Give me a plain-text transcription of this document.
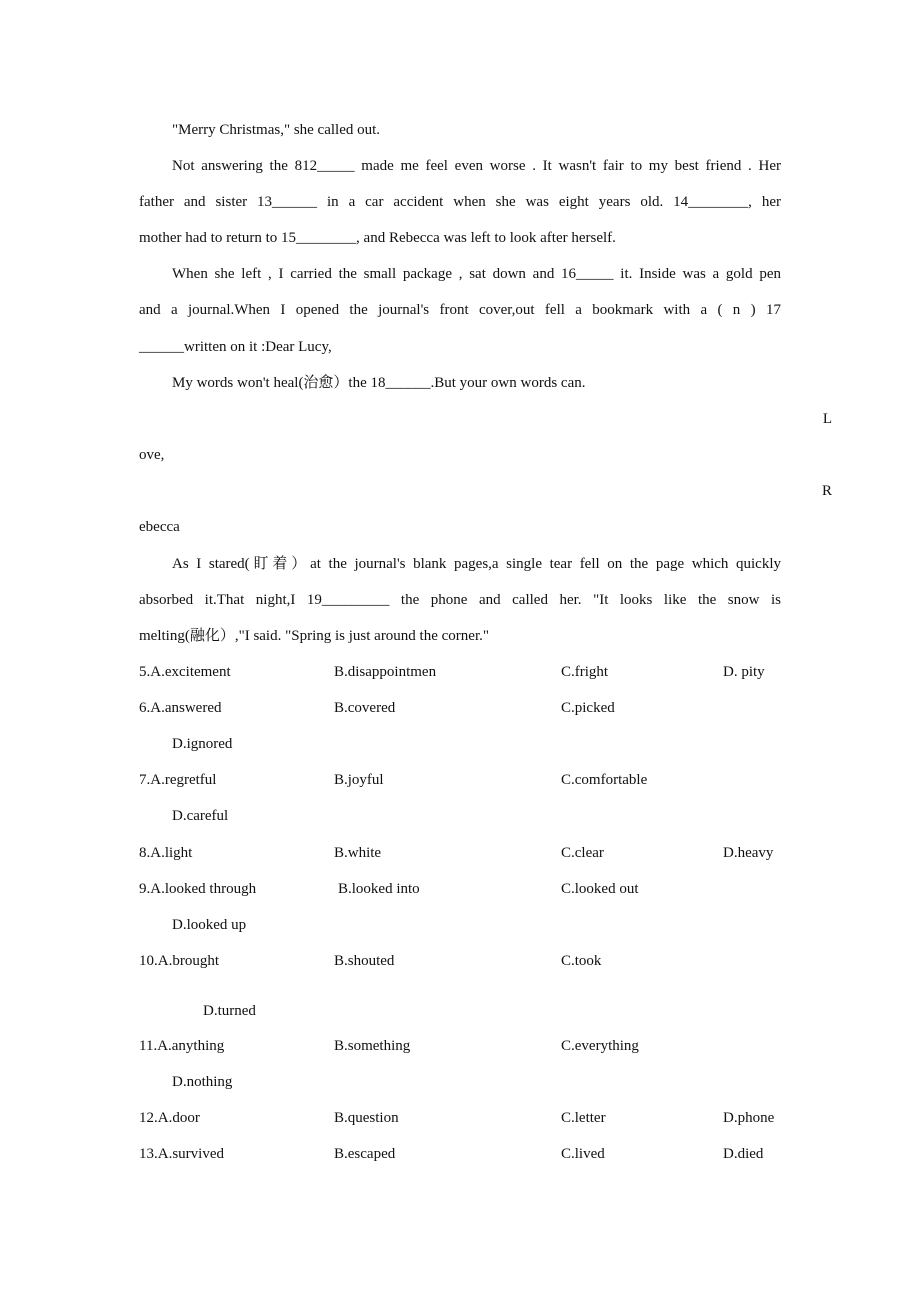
"Merry Christmas," she called out.
Not answering the 812_____ made me feel even worse . It wasn't fair to my best friend . Her
father and sister 13______ in a car accident when she was eight years old. 14________, her
mother had to return to 15________, and Rebecca was left to look after herself.
When she left , I carried the small package , sat down and 16_____ it. Inside was a gold pen
and a journal.When I opened the journal's front cover,out fell a bookmark with a ( n ) 17
______written on it :Dear Lucy,
My words won't heal(治愈）the 18______.But your own words can.
L
ove,
R
ebecca
As I stared(盯着）at the journal's blank pages,a single tear fell on the page which quickly
absorbed it.That night,I 19_________ the phone and called her. "It looks like the snow is
melting(融化）,"I said. "Spring is just around the corner."
5.A.excitement	B.disappointmen	C.fright	D. pity
6.A.answered	B.covered	C.picked
D.ignored
7.A.regretful	B.joyful	C.comfortable
D.careful
8.A.light	B.white	C.clear	D.heavy
9.A.looked through	B.looked into	C.looked out
D.looked up
10.A.brought	B.shouted	C.took
D.turned
11.A.anything	B.something	C.everything
D.nothing
12.A.door	B.question	C.letter	D.phone
13.A.survived	B.escaped	C.lived	D.died
